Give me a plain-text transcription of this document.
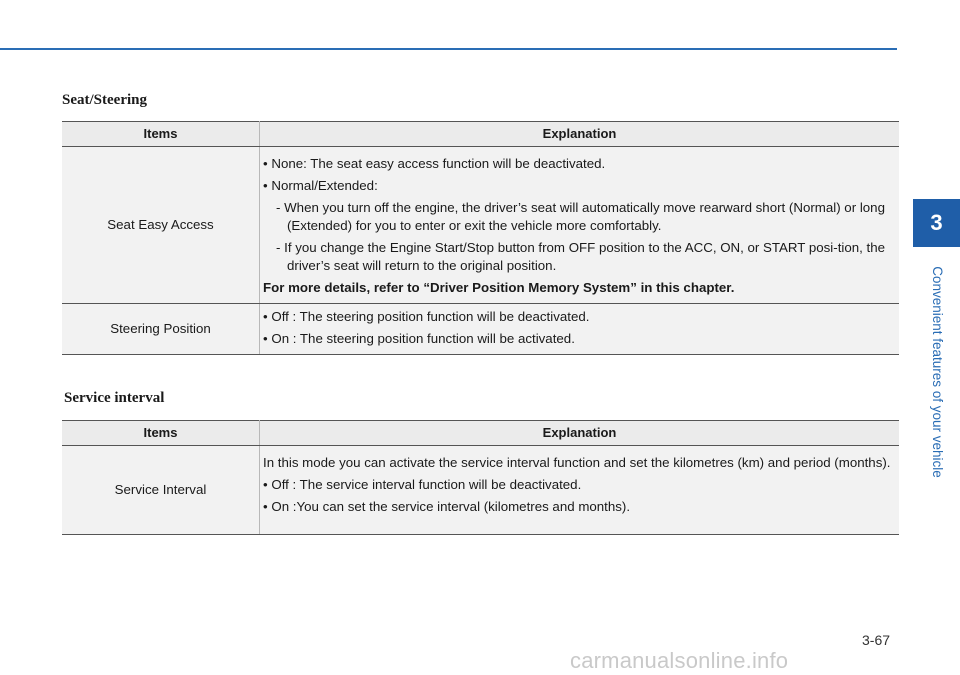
Seat/Steering
Items	Explanation
Seat Easy Access	• None: The seat easy access function will be deactivated.

• Normal/Extended:

- When you turn off the engine, the driver’s seat will automatically move rearward short (Normal) or long (Extended) for you to enter or exit the vehicle more comfortably.

- If you change the Engine Start/Stop button from OFF position to the ACC, ON, or START posi-tion, the driver’s seat will return to the original position.

For more details, refer to “Driver Position Memory System” in this chapter.

Steering Position	• Off : The steering position function will be deactivated.

• On : The steering position function will be activated.

Service interval
Items	Explanation
Service Interval	In this mode you can activate the service interval function and set the kilometres (km) and period (months).

• Off : The service interval function will be deactivated.

• On :You can set the service interval (kilometres and months).

3
Convenient features of your vehicle
3-67
carmanualsonline.info
